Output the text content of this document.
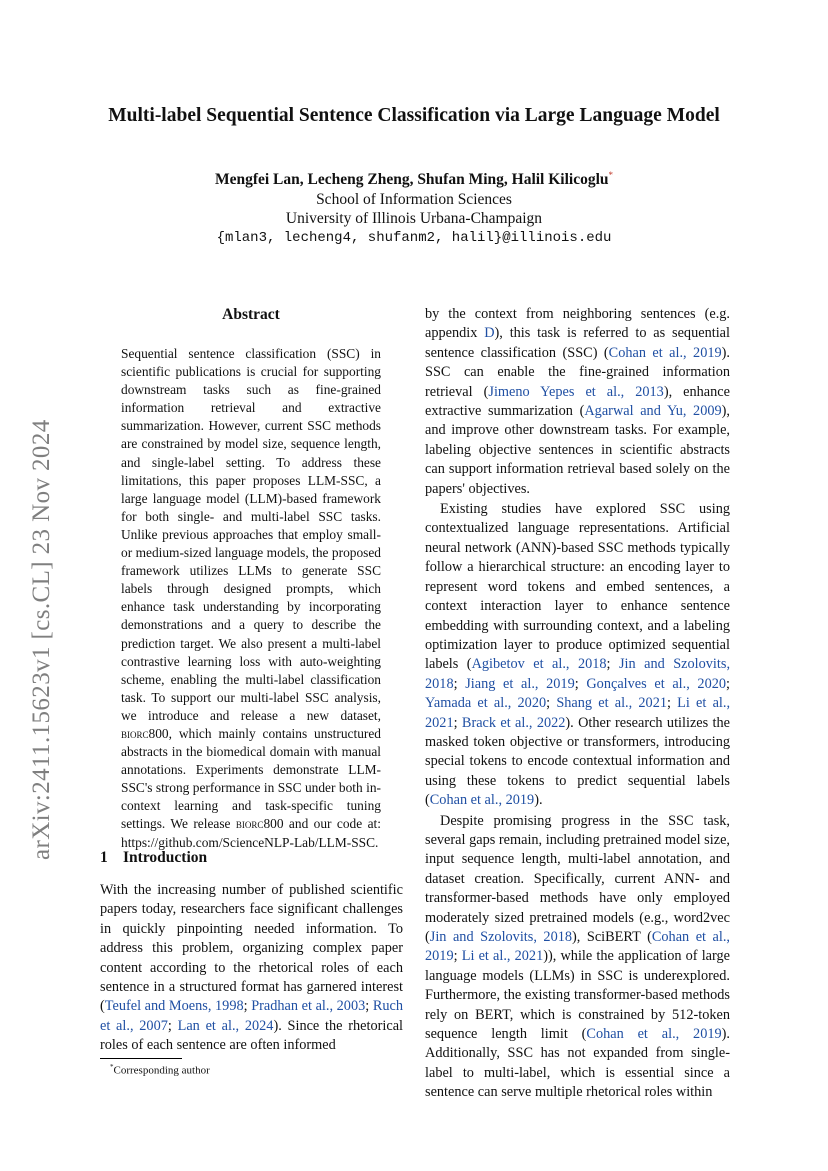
Multi-label Sequential Sentence Classification via Large Language Model
Mengfei Lan, Lecheng Zheng, Shufan Ming, Halil Kilicoglu*
School of Information Sciences
University of Illinois Urbana-Champaign
{mlan3, lecheng4, shufanm2, halil}@illinois.edu
arXiv:2411.15623v1 [cs.CL] 23 Nov 2024
Abstract
Sequential sentence classification (SSC) in scientific publications is crucial for supporting downstream tasks such as fine-grained information retrieval and extractive summarization. However, current SSC methods are constrained by model size, sequence length, and single-label setting. To address these limitations, this paper proposes LLM-SSC, a large language model (LLM)-based framework for both single- and multi-label SSC tasks. Unlike previous approaches that employ small- or medium-sized language models, the proposed framework utilizes LLMs to generate SSC labels through designed prompts, which enhance task understanding by incorporating demonstrations and a query to describe the prediction target. We also present a multi-label contrastive learning loss with auto-weighting scheme, enabling the multi-label classification task. To support our multi-label SSC analysis, we introduce and release a new dataset, biorc800, which mainly contains unstructured abstracts in the biomedical domain with manual annotations. Experiments demonstrate LLM-SSC's strong performance in SSC under both in-context learning and task-specific tuning settings. We release biorc800 and our code at: https://github.com/ScienceNLP-Lab/LLM-SSC.
1 Introduction
With the increasing number of published scientific papers today, researchers face significant challenges in quickly pinpointing needed information. To address this problem, organizing complex paper content according to the rhetorical roles of each sentence in a structured format has garnered interest (Teufel and Moens, 1998; Pradhan et al., 2003; Ruch et al., 2007; Lan et al., 2024). Since the rhetorical roles of each sentence are often informed
*Corresponding author

by the context from neighboring sentences (e.g. appendix D), this task is referred to as sequential sentence classification (SSC) (Cohan et al., 2019). SSC can enable the fine-grained information retrieval (Jimeno Yepes et al., 2013), enhance extractive summarization (Agarwal and Yu, 2009), and improve other downstream tasks. For example, labeling objective sentences in scientific abstracts can support information retrieval based solely on the papers' objectives.

Existing studies have explored SSC using contextualized language representations. Artificial neural network (ANN)-based SSC methods typically follow a hierarchical structure: an encoding layer to represent word tokens and embed sentences, a context interaction layer to enhance sentence embedding with surrounding context, and a labeling optimization layer to produce optimized sequential labels (Agibetov et al., 2018; Jin and Szolovits, 2018; Jiang et al., 2019; Gonçalves et al., 2020; Yamada et al., 2020; Shang et al., 2021; Li et al., 2021; Brack et al., 2022). Other research utilizes the masked token objective or transformers, introducing special tokens to encode contextual information and using these tokens to predict sequential labels (Cohan et al., 2019).

Despite promising progress in the SSC task, several gaps remain, including pretrained model size, input sequence length, multi-label annotation, and dataset creation. Specifically, current ANN- and transformer-based methods have only employed moderately sized pretrained models (e.g., word2vec (Jin and Szolovits, 2018), SciBERT (Cohan et al., 2019; Li et al., 2021)), while the application of large language models (LLMs) in SSC is underexplored. Furthermore, the existing transformer-based methods rely on BERT, which is constrained by 512-token sequence length limit (Cohan et al., 2019). Additionally, SSC has not expanded from single-label to multi-label, which is essential since a sentence can serve multiple rhetorical roles within
